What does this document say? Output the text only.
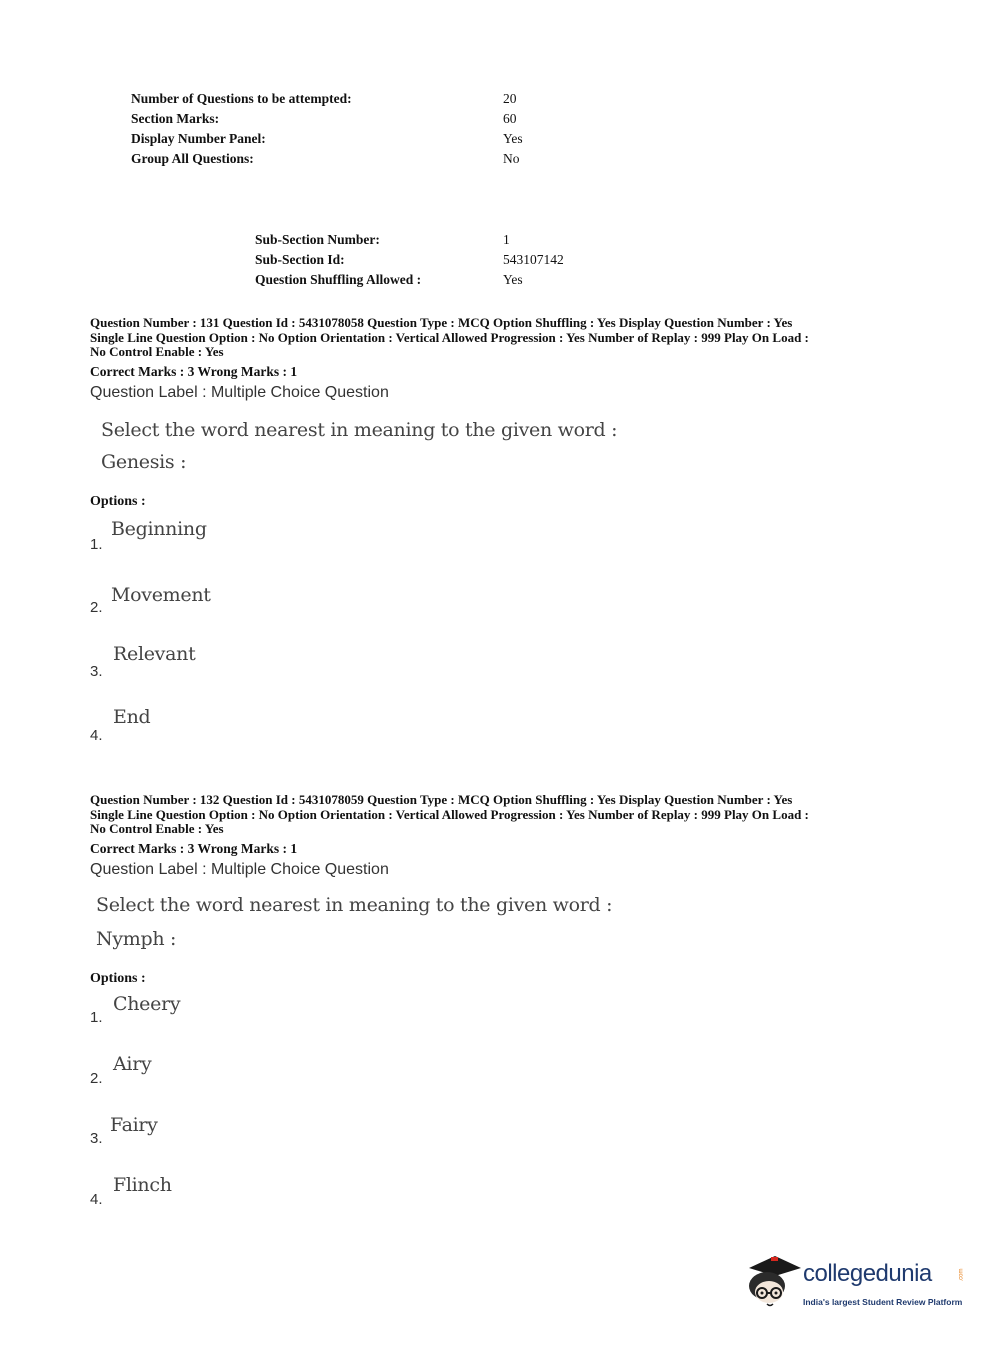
Number of Questions to be attempted:	20
Section Marks:	60
Display Number Panel:	Yes
Group All Questions:	No
Sub-Section Number:	1
Sub-Section Id:	543107142
Question Shuffling Allowed :	Yes

Question Number : 131 Question Id : 5431078058 Question Type : MCQ Option Shuffling : Yes Display Question Number : Yes

Single Line Question Option : No Option Orientation : Vertical Allowed Progression : Yes Number of Replay : 999 Play On Load :

No Control Enable : Yes

Correct Marks : 3 Wrong Marks : 1
Question Label : Multiple Choice Question
Select the word nearest in meaning to the given word :
Genesis :
Options :
Beginning
1.
Movement
2.
Relevant
3.
End
4.

Question Number : 132 Question Id : 5431078059 Question Type : MCQ Option Shuffling : Yes Display Question Number : Yes

Single Line Question Option : No Option Orientation : Vertical Allowed Progression : Yes Number of Replay : 999 Play On Load :

No Control Enable : Yes

Correct Marks : 3 Wrong Marks : 1
Question Label : Multiple Choice Question
Select the word nearest in meaning to the given word :
Nymph :
Options :
Cheery
1.
Airy
2.
Fairy
3.
Flinch
4.
collegedunia	.com
India's largest Student Review Platform
